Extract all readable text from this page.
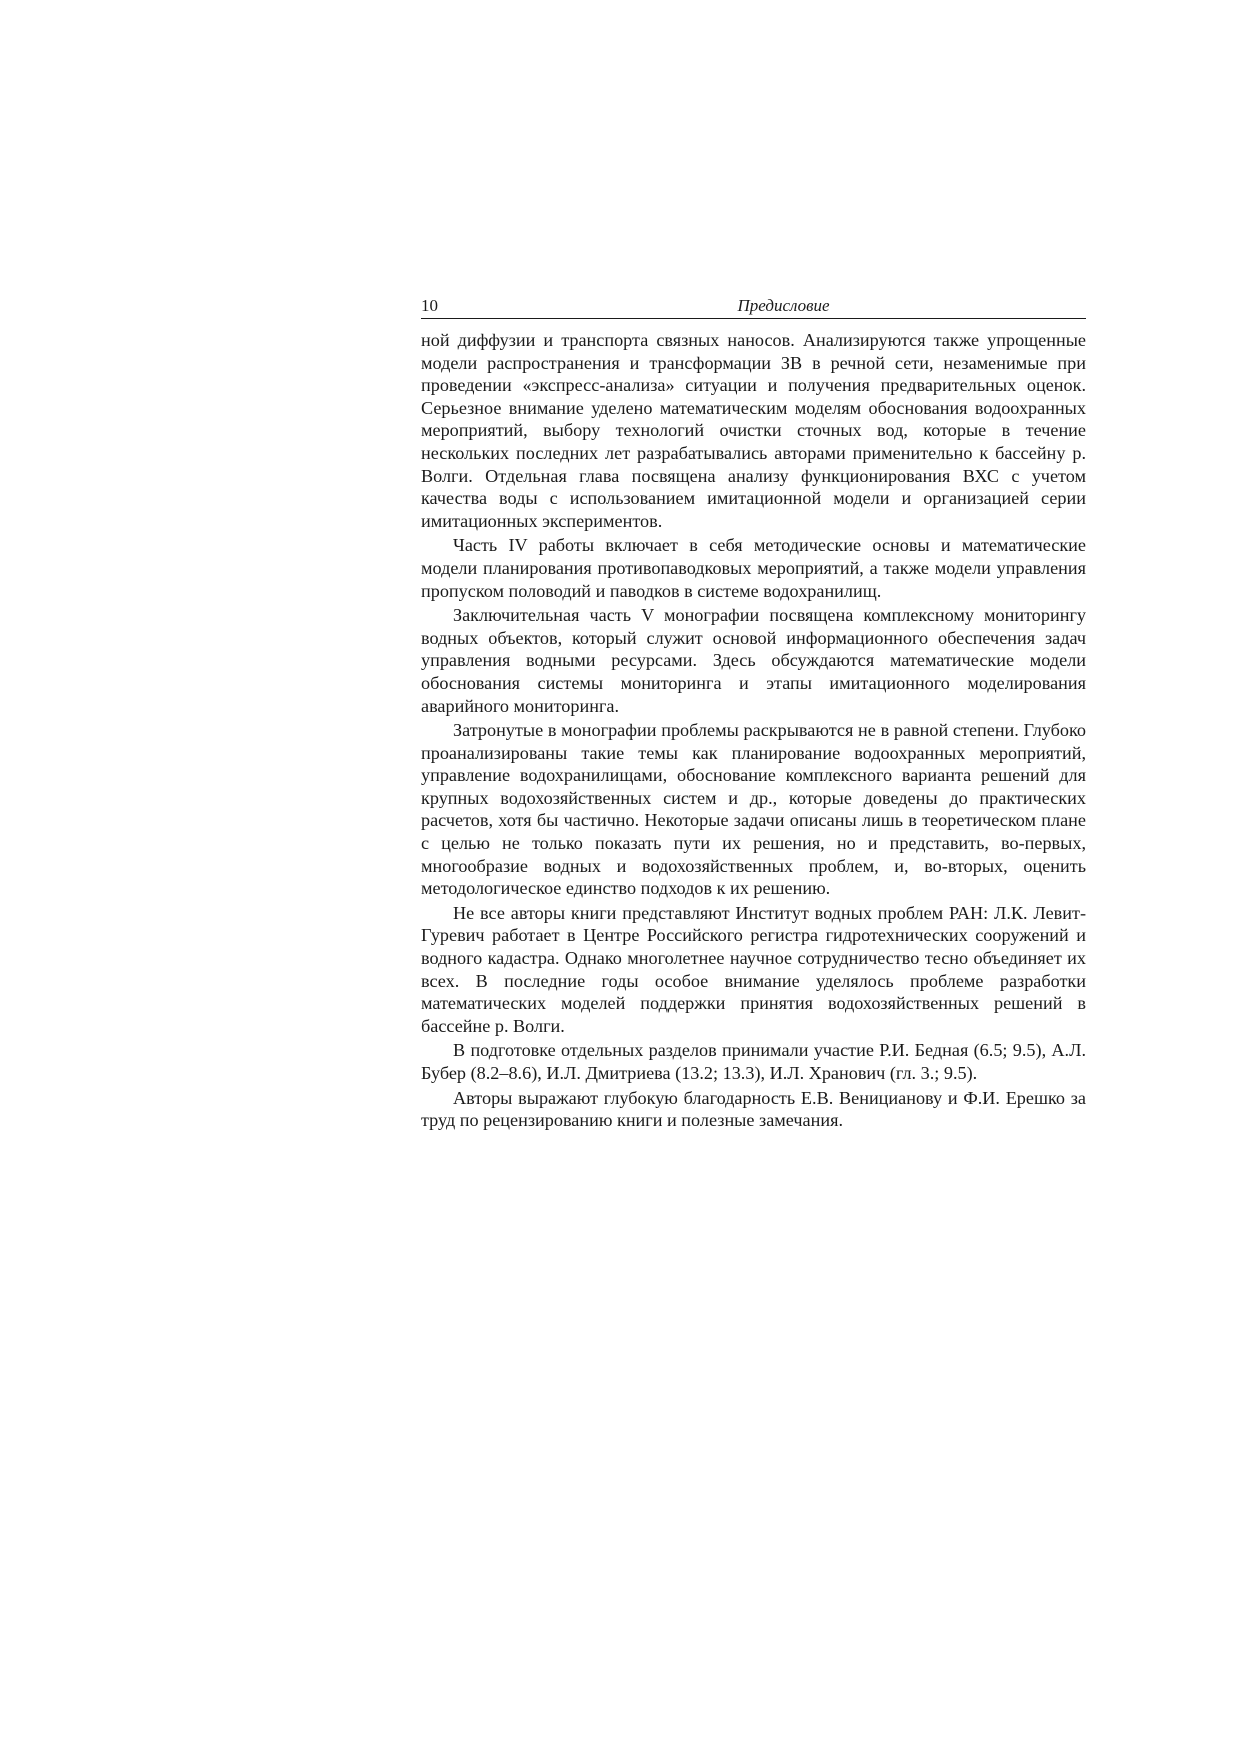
10	Предисловие

ной диффузии и транспорта связных наносов. Анализируются также упрощенные модели распространения и трансформации ЗВ в речной сети, незаменимые при проведении «экспресс-анализа» ситуации и получения предварительных оценок. Серьезное внимание уделено математическим моделям обоснования водоохранных мероприятий, выбору технологий очистки сточных вод, которые в течение нескольких последних лет разрабатывались авторами применительно к бассейну р. Волги. Отдельная глава посвящена анализу функционирования ВХС с учетом качества воды с использованием имитационной модели и организацией серии имитационных экспериментов.

Часть IV работы включает в себя методические основы и математические модели планирования противопаводковых мероприятий, а также модели управления пропуском половодий и паводков в системе водохранилищ.

Заключительная часть V монографии посвящена комплексному мониторингу водных объектов, который служит основой информационного обеспечения задач управления водными ресурсами. Здесь обсуждаются математические модели обоснования системы мониторинга и этапы имитационного моделирования аварийного мониторинга.

Затронутые в монографии проблемы раскрываются не в равной степени. Глубоко проанализированы такие темы как планирование водоохранных мероприятий, управление водохранилищами, обоснование комплексного варианта решений для крупных водохозяйственных систем и др., которые доведены до практических расчетов, хотя бы частично. Некоторые задачи описаны лишь в теоретическом плане с целью не только показать пути их решения, но и представить, во-первых, многообразие водных и водохозяйственных проблем, и, во-вторых, оценить методологическое единство подходов к их решению.

Не все авторы книги представляют Институт водных проблем РАН: Л.К. Левит-Гуревич работает в Центре Российского регистра гидротехнических сооружений и водного кадастра. Однако многолетнее научное сотрудничество тесно объединяет их всех. В последние годы особое внимание уделялось проблеме разработки математических моделей поддержки принятия водохозяйственных решений в бассейне р. Волги.

В подготовке отдельных разделов принимали участие Р.И. Бедная (6.5; 9.5), А.Л. Бубер (8.2–8.6), И.Л. Дмитриева (13.2; 13.3), И.Л. Хранович (гл. 3.; 9.5).

Авторы выражают глубокую благодарность Е.В. Веницианову и Ф.И. Ерешко за труд по рецензированию книги и полезные замечания.
